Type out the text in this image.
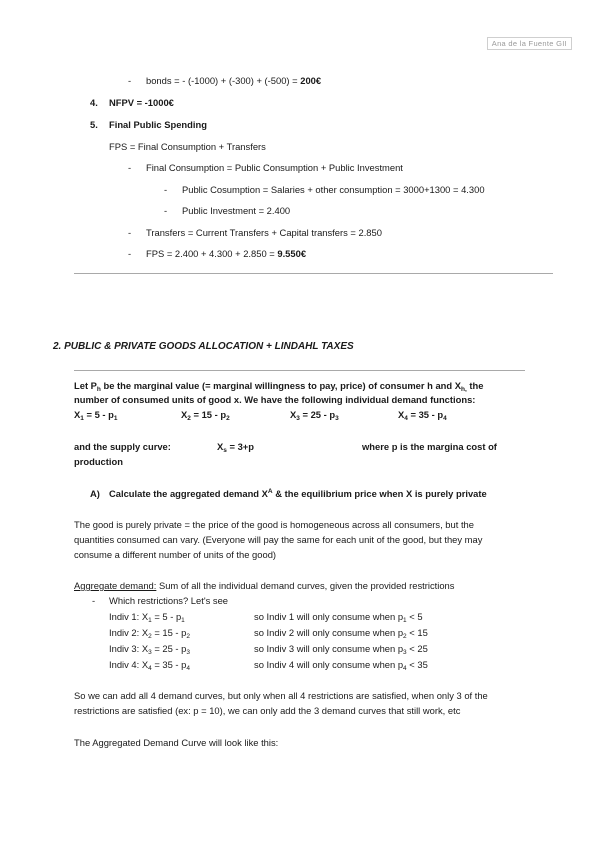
Ana de la Fuente GII
- bonds = - (-1000) + (-300) + (-500) = 200€
4. NFPV = -1000€
5. Final Public Spending
FPS = Final Consumption + Transfers
- Final Consumption = Public Consumption + Public Investment
- Public Cosumption = Salaries + other consumption = 3000+1300 = 4.300
- Public Investment = 2.400
- Transfers = Current Transfers + Capital transfers = 2.850
- FPS = 2.400 + 4.300 + 2.850 = 9.550€
2. PUBLIC & PRIVATE GOODS ALLOCATION + LINDAHL TAXES
Let $P_h$ be the marginal value (= marginal willingness to pay, price) of consumer h and $X_{h,}$ the
number of consumed units of good x. We have the following individual demand functions:
$X_1 = 5 - p_1$	$X_2 = 15 - p_2$	$X_3 = 25 - p_3$	$X_4 = 35 - p_4$
and the supply curve:	$X_s = 3+p$	where p is the margina cost of
production
A) Calculate the aggregated demand $X^A$ & the equilibrium price when X is purely private
The good is purely private = the price of the good is homogeneous across all consumers, but the
quantities consumed can vary. (Everyone will pay the same for each unit of the good, but they may
consume a different number of units of the good)
Aggregate demand: Sum of all the individual demand curves, given the provided restrictions
- Which restrictions? Let's see
Indiv 1: $X_1 = 5 - p_1$	so Indiv 1 will only consume when $p_1 < 5$
Indiv 2: $X_2 = 15 - p_2$	so Indiv 2 will only consume when $p_2 < 15$
Indiv 3: $X_3 = 25 - p_3$	so Indiv 3 will only consume when $p_3 < 25$
Indiv 4: $X_4 = 35 - p_4$	so Indiv 4 will only consume when $p_4 < 35$
So we can add all 4 demand curves, but only when all 4 restrictions are satisfied, when only 3 of the
restrictions are satisfied (ex: p = 10), we can only add the 3 demand curves that still work, etc
The Aggregated Demand Curve will look like this:
